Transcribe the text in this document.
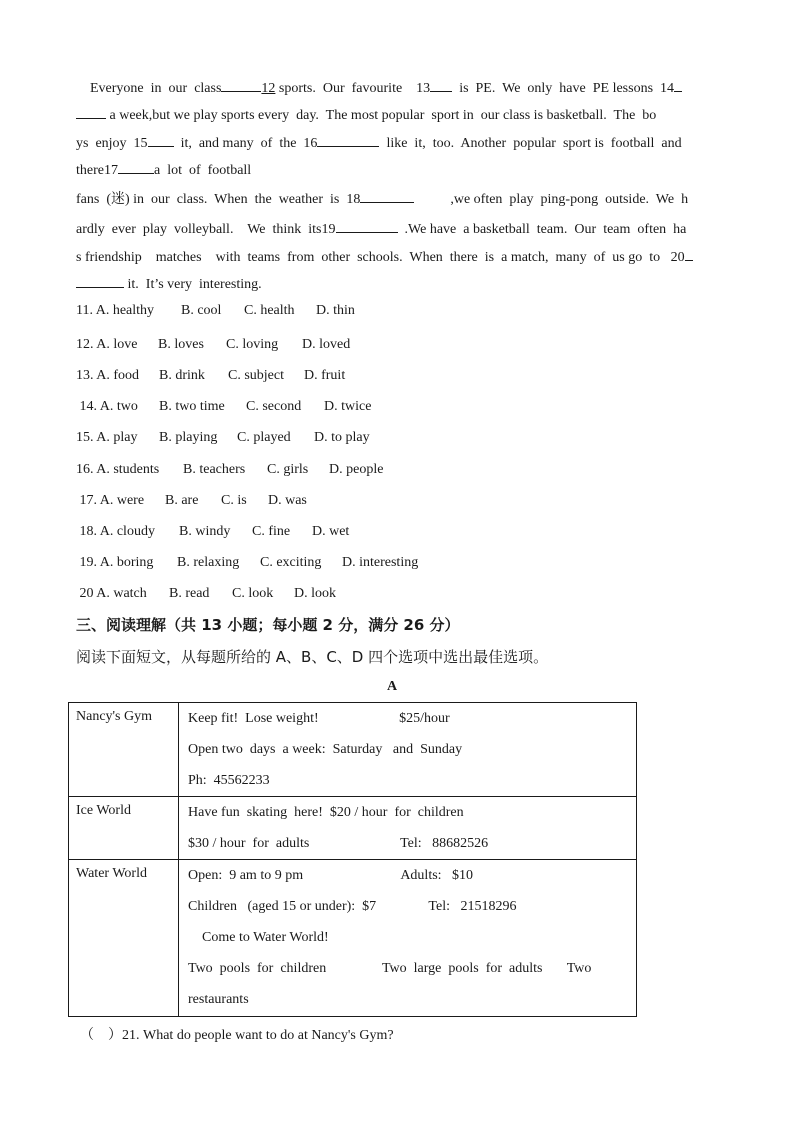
Everyone  in  our  class	12 sports.  Our  favourite    13  is  PE.  We  only  have  PE lessons  14
a week,but we play sports every  day.  The most popular  sport in  our class is basketball.  The  bo
ys  enjoy  15  it,  and many  of  the  16	like  it,  too.  Another  popular  sport is  football  and
there17	a  lot  of  football
fans  (迷) in  our  class.  When  the  weather  is  18	,we often  play  ping-pong  outside.  We  h
ardly  ever  play  volleyball.    We  think  its19	.We have  a basketball  team.  Our  team  often  ha
s friendship    matches    with  teams  from  other  schools.  When  there  is  a match,  many  of  us go  to   20
it.  It’s very  interesting.
11. A. healthy B. cool C. health D. thin
12. A. love B. loves C. loving D. loved
13. A. food B. drink C. subject D. fruit
14. A. two B. two time C. second D. twice
15. A. play B. playing C. played D. to play
16. A. students B. teachers C. girls D. people
17. A. were B. are C. is D. was
18. A. cloudy B. windy C. fine D. wet
19. A. boring B. relaxing C. exciting D. interesting
20 A. watch B. read C. look D. look
三、阅读理解（共 13 小题；每小题 2 分，满分 26 分）
阅读下面短文，从每题所给的 A、B、C、D 四个选项中选出最佳选项。
A
Nancy's Gym	Keep fit!  Lose weight!                       $25/hour
Open two  days  a week:  Saturday   and  Sunday
Ph:  45562233

Ice World	Have fun  skating  here!  $20 / hour  for  children
$30 / hour  for  adults                          Tel:   88682526

Water World	Open:  9 am to 9 pm                            Adults:   $10
Children   (aged 15 or under):  $7               Tel:   21518296
Come to Water World!
Two  pools  for  children                Two  large  pools  for  adults       Two
restaurants
（    ）21. What do people want to do at Nancy's Gym?
